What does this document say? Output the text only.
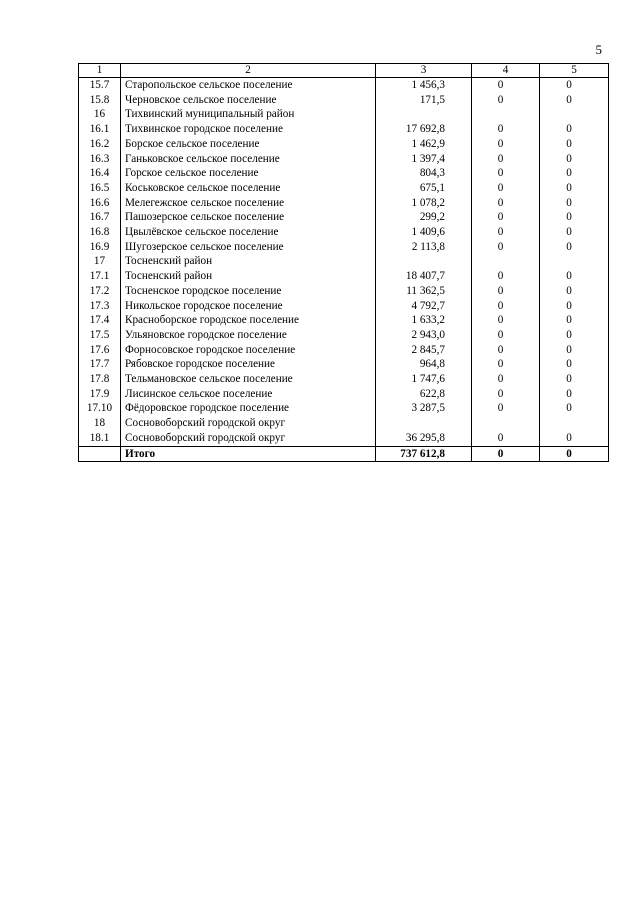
5
1	2	3	4	5
15.7	Старопольское сельское поселение	1 456,3	0	0
15.8	Черновское сельское поселение	171,5	0	0
16	Тихвинский муниципальный район			
16.1	Тихвинское городское поселение	17 692,8	0	0
16.2	Борское сельское поселение	1 462,9	0	0
16.3	Ганьковское сельское поселение	1 397,4	0	0
16.4	Горское сельское поселение	804,3	0	0
16.5	Коськовское сельское поселение	675,1	0	0
16.6	Мелегежское сельское поселение	1 078,2	0	0
16.7	Пашозерское сельское поселение	299,2	0	0
16.8	Цвылёвское сельское поселение	1 409,6	0	0
16.9	Шугозерское сельское поселение	2 113,8	0	0
17	Тосненский район			
17.1	Тосненский район	18 407,7	0	0
17.2	Тосненское городское поселение	11 362,5	0	0
17.3	Никольское городское поселение	4 792,7	0	0
17.4	Красноборское городское поселение	1 633,2	0	0
17.5	Ульяновское городское поселение	2 943,0	0	0
17.6	Форносовское городское поселение	2 845,7	0	0
17.7	Рябовское городское поселение	964,8	0	0
17.8	Тельмановское сельское поселение	1 747,6	0	0
17.9	Лисинское сельское поселение	622,8	0	0
17.10	Фёдоровское городское поселение	3 287,5	0	0
18	Сосновоборский городской округ			
18.1	Сосновоборский городской округ	36 295,8	0	0
	Итого	737 612,8	0	0
